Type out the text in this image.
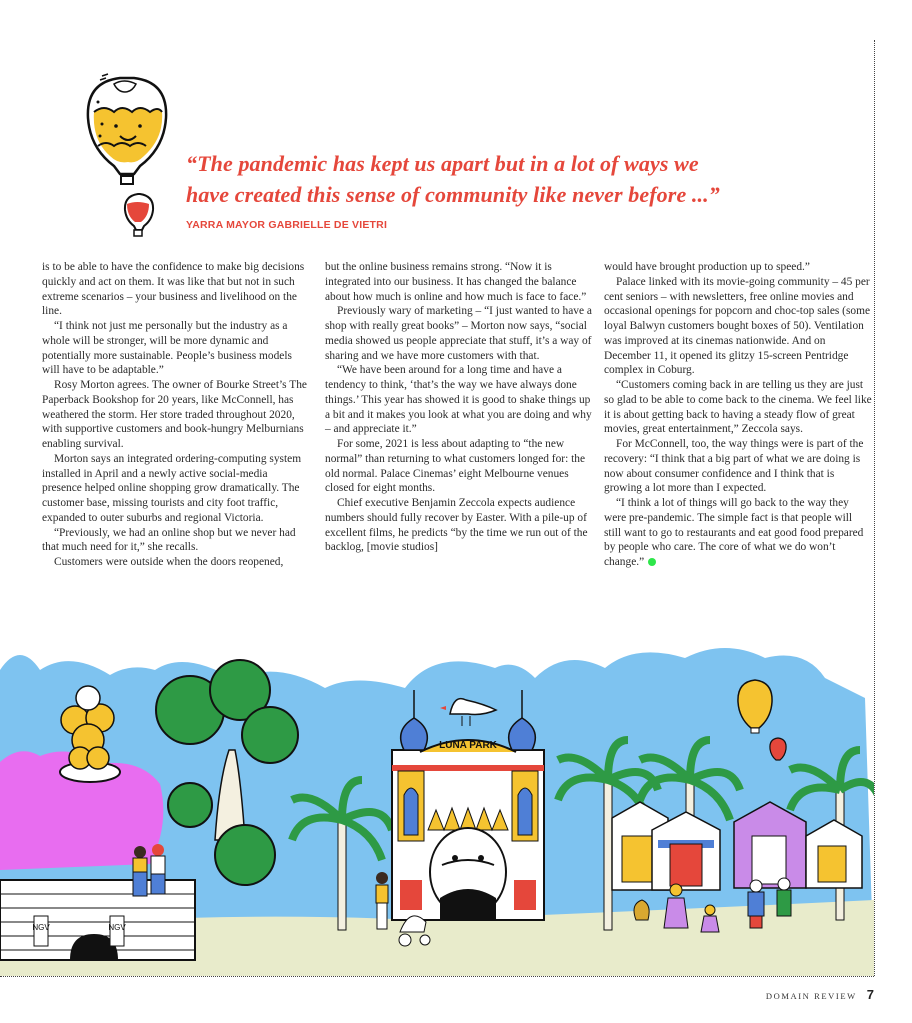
“The pandemic has kept us apart but in a lot of ways we have created this sense of community like never before ...”

YARRA MAYOR GABRIELLE DE VIETRI

is to be able to have the confidence to make big decisions quickly and act on them. It was like that but not in such extreme scenarios – your business and livelihood on the line.

“I think not just me personally but the industry as a whole will be stronger, will be more dynamic and potentially more sustainable. People’s business models will have to be adaptable.”

Rosy Morton agrees. The owner of Bourke Street’s The Paperback Bookshop for 20 years, like McConnell, has weathered the storm. Her store traded throughout 2020, with supportive customers and book-hungry Melburnians enabling survival.

Morton says an integrated ordering-computing system installed in April and a newly active social-media presence helped online shopping grow dramatically. The customer base, missing tourists and city foot traffic, expanded to outer suburbs and regional Victoria.

“Previously, we had an online shop but we never had that much need for it,” she recalls.

Customers were outside when the doors reopened,

but the online business remains strong. “Now it is integrated into our business. It has changed the balance about how much is online and how much is face to face.”

Previously wary of marketing – “I just wanted to have a shop with really great books” – Morton now says, “social media showed us people appreciate that stuff, it’s a way of sharing and we have more customers with that.

“We have been around for a long time and have a tendency to think, ‘that’s the way we have always done things.’ This year has showed it is good to shake things up a bit and it makes you look at what you are doing and why – and appreciate it.”

For some, 2021 is less about adapting to “the new normal” than returning to what customers longed for: the old normal. Palace Cinemas’ eight Melbourne venues closed for eight months.

Chief executive Benjamin Zeccola expects audience numbers should fully recover by Easter. With a pile-up of excellent films, he predicts “by the time we run out of the backlog, [movie studios]

would have brought production up to speed.”

Palace linked with its movie-going community – 45 per cent seniors – with newsletters, free online movies and occasional openings for popcorn and choc-top sales (some loyal Balwyn customers bought boxes of 50). Ventilation was improved at its cinemas nationwide. And on December 11, it opened its glitzy 15-screen Pentridge complex in Coburg.

“Customers coming back in are telling us they are just so glad to be able to come back to the cinema. We feel like it is about getting back to having a steady flow of great movies, great entertainment,” Zeccola says.

For McConnell, too, the way things were is part of the recovery: “I think that a big part of what we are doing is now about consumer confidence and I think that is growing a lot more than I expected.

“I think a lot of things will go back to the way they were pre-pandemic. The simple fact is that people will still want to go to restaurants and eat good food prepared by people who care. The core of what we do won’t change.”

NGV	NGV
LUNA PARK
DOMAIN REVIEW 7
